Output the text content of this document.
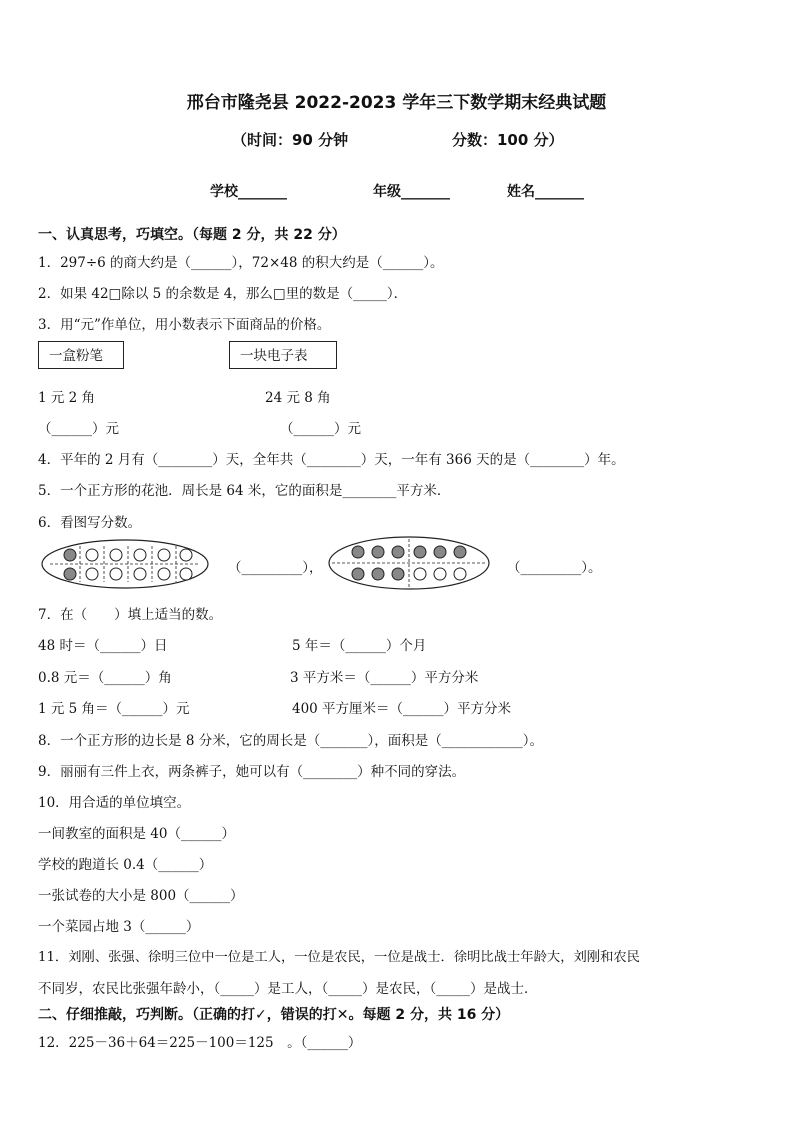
邢台市隆尧县 2022-2023 学年三下数学期末经典试题
（时间：90 分钟	分数：100 分）
学校_______	年级_______	姓名_______
一、认真思考，巧填空。（每题 2 分，共 22 分）
1．297÷6 的商大约是（______），72×48 的积大约是（______）。
2．如果 42□除以 5 的余数是 4，那么□里的数是（_____）．
3．用“元”作单位，用小数表示下面商品的价格。
一盒粉笔	一块电子表
1 元 2 角	24 元 8 角
（______）元	（______）元
4．平年的 2 月有（________）天，全年共（________）天，一年有 366 天的是（________）年。
5．一个正方形的花池．周长是 64 米，它的面积是________平方米．
6．看图写分数。
（_________），	（_________）。
7．在（　　）填上适当的数。
48 时＝（______）日	5 年＝（______）个月
0.8 元＝（______）角	3 平方米＝（______）平方分米
1 元 5 角＝（______）元	400 平方厘米＝（______）平方分米
8．一个正方形的边长是 8 分米，它的周长是（_______），面积是（____________）。
9．丽丽有三件上衣，两条裤子，她可以有（________）种不同的穿法。
10．用合适的单位填空。
一间教室的面积是 40（______）
学校的跑道长 0.4（______）
一张试卷的大小是 800（______）
一个菜园占地 3（______）
11．刘刚、张强、徐明三位中一位是工人，一位是农民，一位是战士．徐明比战士年龄大，刘刚和农民
不同岁，农民比张强年龄小，（_____）是工人，（_____）是农民，（_____）是战士．
二、仔细推敲，巧判断。（正确的打✓，错误的打✕。每题 2 分，共 16 分）
12．225－36＋64＝225－100＝125　。（______）
